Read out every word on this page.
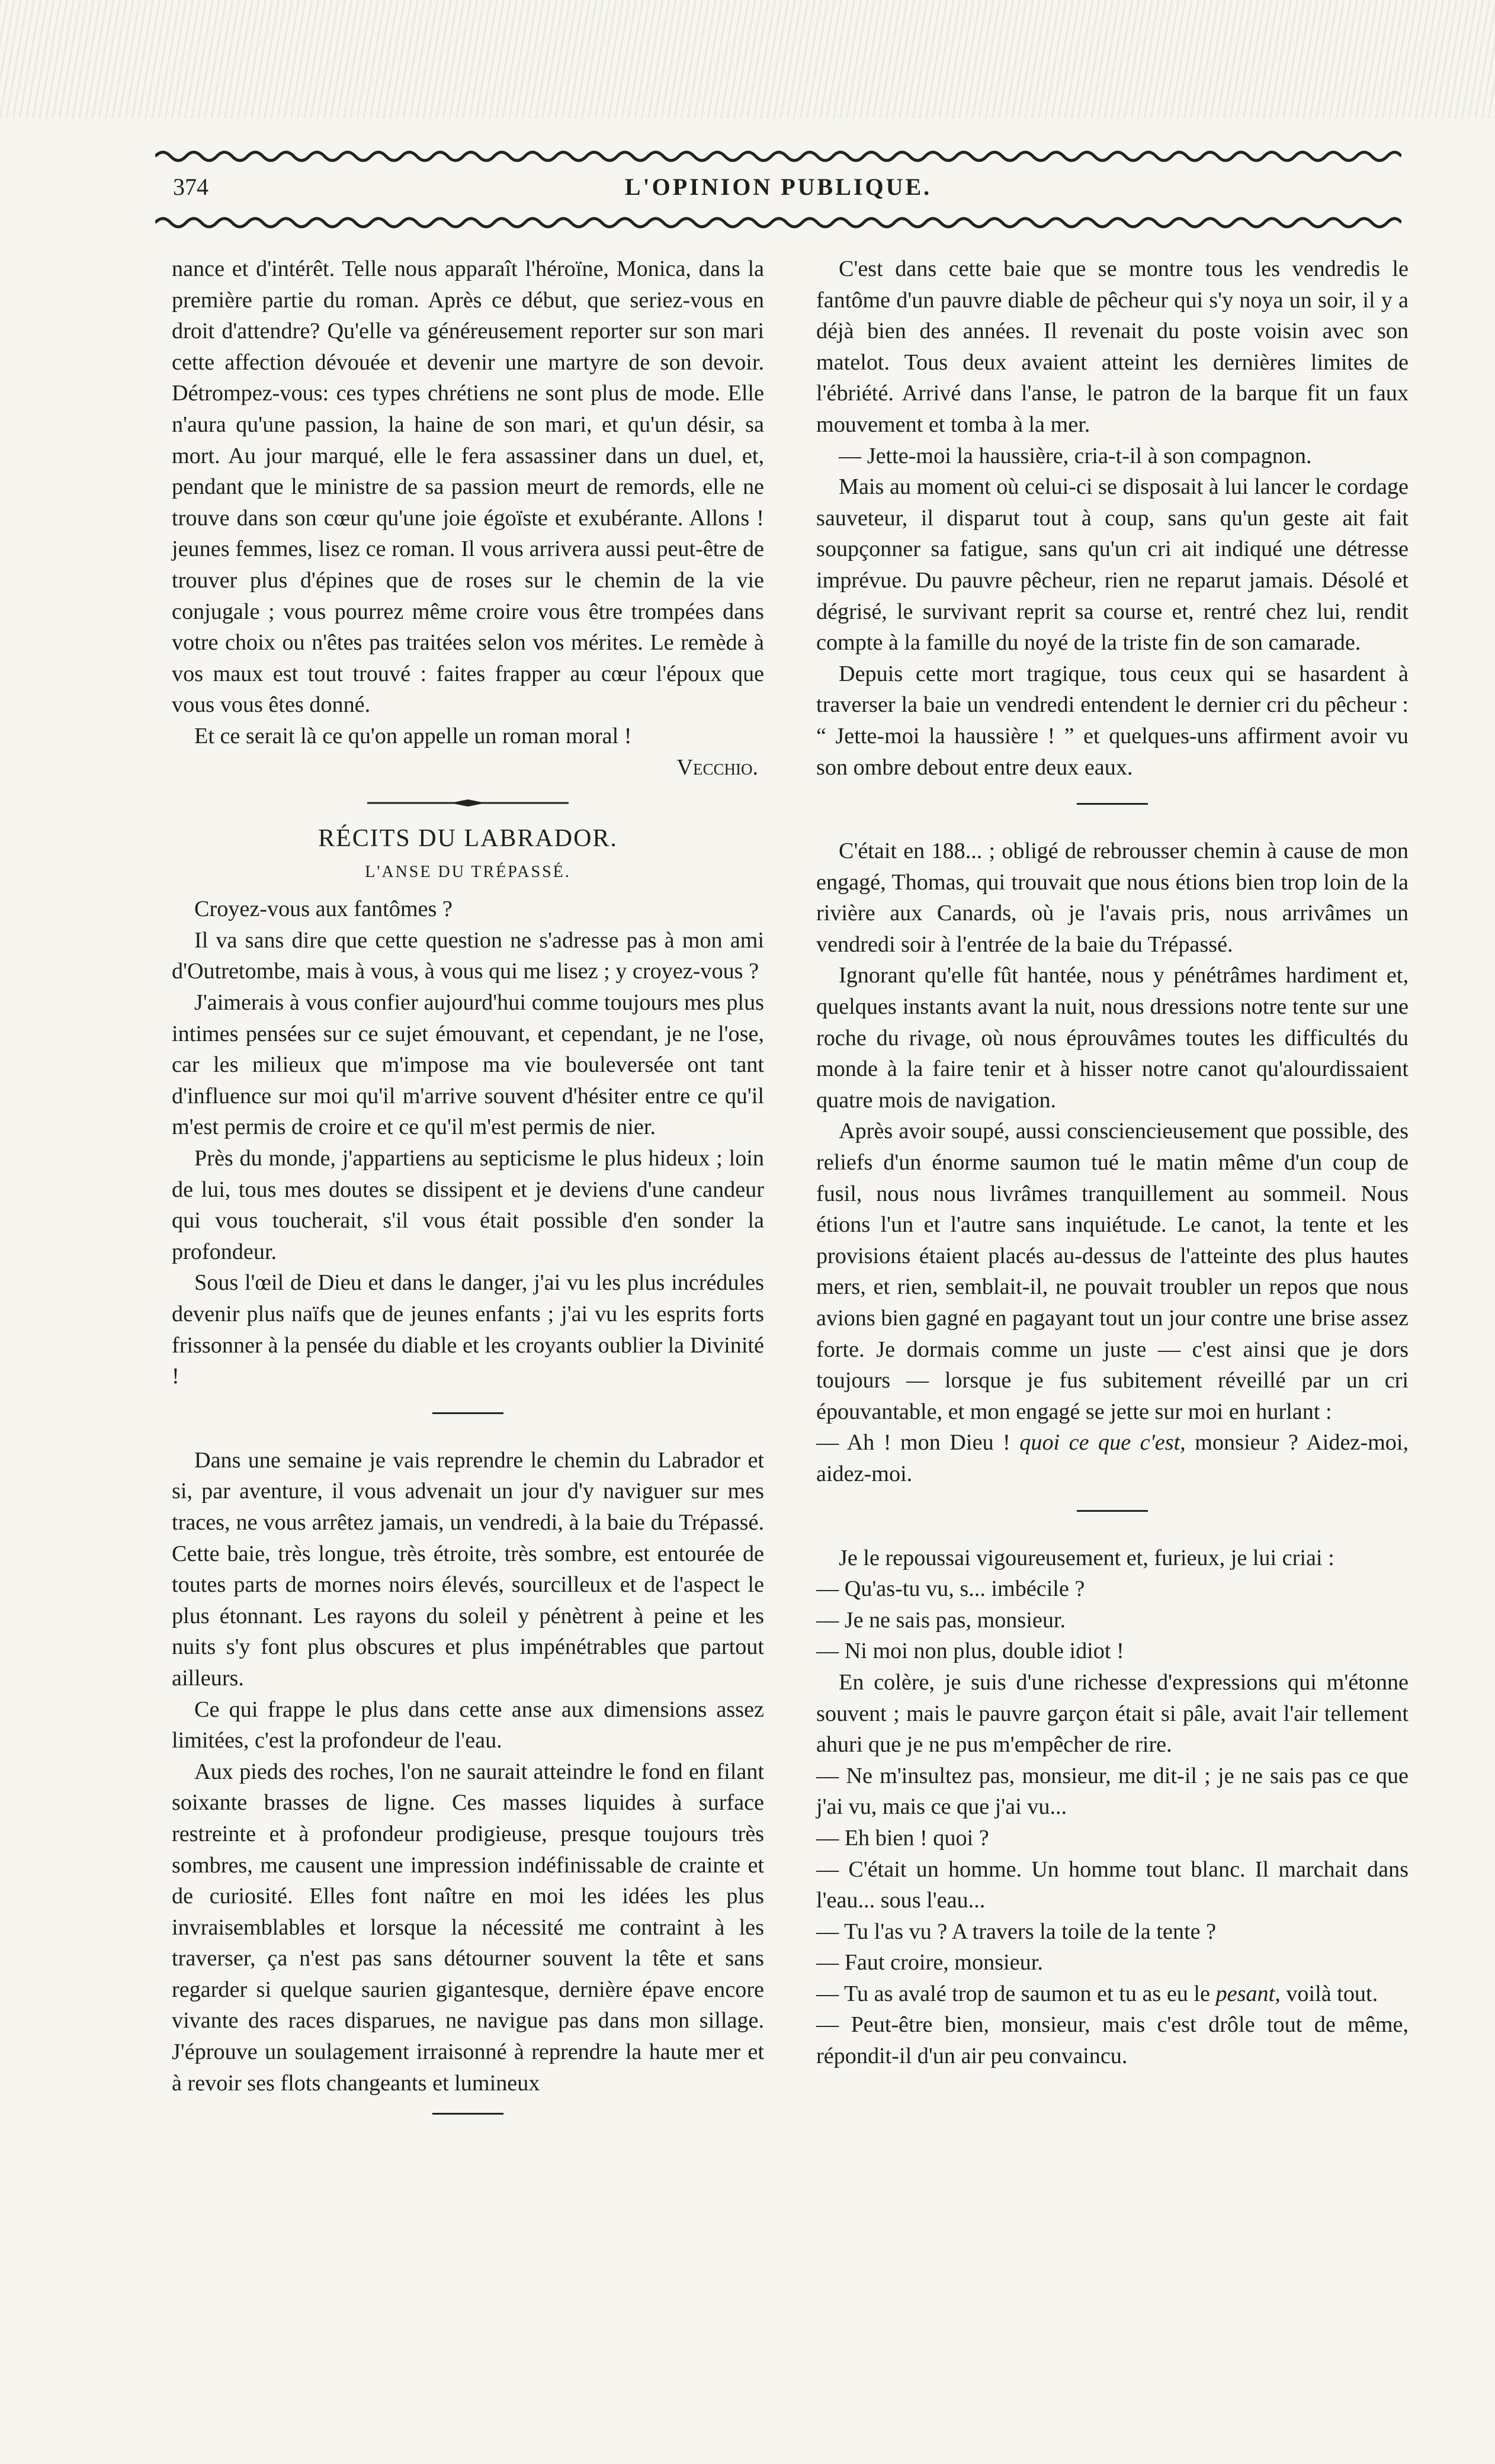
374	L'OPINION PUBLIQUE.

nance et d'intérêt. Telle nous apparaît l'héroïne, Monica, dans la première partie du roman. Après ce début, que seriez-vous en droit d'attendre? Qu'elle va généreusement reporter sur son mari cette affection dévouée et devenir une martyre de son devoir. Détrompez-vous: ces types chrétiens ne sont plus de mode. Elle n'aura qu'une passion, la haine de son mari, et qu'un désir, sa mort. Au jour marqué, elle le fera assassiner dans un duel, et, pendant que le ministre de sa passion meurt de remords, elle ne trouve dans son cœur qu'une joie égoïste et exubérante. Allons ! jeunes femmes, lisez ce roman. Il vous arrivera aussi peut-être de trouver plus d'épines que de roses sur le chemin de la vie conjugale ; vous pourrez même croire vous être trompées dans votre choix ou n'êtes pas traitées selon vos mérites. Le remède à vos maux est tout trouvé : faites frapper au cœur l'époux que vous vous êtes donné.

Et ce serait là ce qu'on appelle un roman moral !

Vecchio.

RÉCITS DU LABRADOR.

L'ANSE DU TRÉPASSÉ.

Croyez-vous aux fantômes ?

Il va sans dire que cette question ne s'adresse pas à mon ami d'Outretombe, mais à vous, à vous qui me lisez ; y croyez-vous ?

J'aimerais à vous confier aujourd'hui comme toujours mes plus intimes pensées sur ce sujet émouvant, et cependant, je ne l'ose, car les milieux que m'impose ma vie bouleversée ont tant d'influence sur moi qu'il m'arrive souvent d'hésiter entre ce qu'il m'est permis de croire et ce qu'il m'est permis de nier.

Près du monde, j'appartiens au septicisme le plus hideux ; loin de lui, tous mes doutes se dissipent et je deviens d'une candeur qui vous toucherait, s'il vous était possible d'en sonder la profondeur.

Sous l'œil de Dieu et dans le danger, j'ai vu les plus incrédules devenir plus naïfs que de jeunes enfants ; j'ai vu les esprits forts frissonner à la pensée du diable et les croyants oublier la Divinité !

Dans une semaine je vais reprendre le chemin du Labrador et si, par aventure, il vous advenait un jour d'y naviguer sur mes traces, ne vous arrêtez jamais, un vendredi, à la baie du Trépassé. Cette baie, très longue, très étroite, très sombre, est entourée de toutes parts de mornes noirs élevés, sourcilleux et de l'aspect le plus étonnant. Les rayons du soleil y pénètrent à peine et les nuits s'y font plus obscures et plus impénétrables que partout ailleurs.

Ce qui frappe le plus dans cette anse aux dimensions assez limitées, c'est la profondeur de l'eau.

Aux pieds des roches, l'on ne saurait atteindre le fond en filant soixante brasses de ligne. Ces masses liquides à surface restreinte et à profondeur prodigieuse, presque toujours très sombres, me causent une impression indéfinissable de crainte et de curiosité. Elles font naître en moi les idées les plus invraisemblables et lorsque la nécessité me contraint à les traverser, ça n'est pas sans détourner souvent la tête et sans regarder si quelque saurien gigantesque, dernière épave encore vivante des races disparues, ne navigue pas dans mon sillage. J'éprouve un soulagement irraisonné à reprendre la haute mer et à revoir ses flots changeants et lumineux

C'est dans cette baie que se montre tous les vendredis le fantôme d'un pauvre diable de pêcheur qui s'y noya un soir, il y a déjà bien des années. Il revenait du poste voisin avec son matelot. Tous deux avaient atteint les dernières limites de l'ébriété. Arrivé dans l'anse, le patron de la barque fit un faux mouvement et tomba à la mer.

— Jette-moi la haussière, cria-t-il à son compagnon.

Mais au moment où celui-ci se disposait à lui lancer le cordage sauveteur, il disparut tout à coup, sans qu'un geste ait fait soupçonner sa fatigue, sans qu'un cri ait indiqué une détresse imprévue. Du pauvre pêcheur, rien ne reparut jamais. Désolé et dégrisé, le survivant reprit sa course et, rentré chez lui, rendit compte à la famille du noyé de la triste fin de son camarade.

Depuis cette mort tragique, tous ceux qui se hasardent à traverser la baie un vendredi entendent le dernier cri du pêcheur : “ Jette-moi la haussière ! ” et quelques-uns affirment avoir vu son ombre debout entre deux eaux.

C'était en 188... ; obligé de rebrousser chemin à cause de mon engagé, Thomas, qui trouvait que nous étions bien trop loin de la rivière aux Canards, où je l'avais pris, nous arrivâmes un vendredi soir à l'entrée de la baie du Trépassé.

Ignorant qu'elle fût hantée, nous y pénétrâmes hardiment et, quelques instants avant la nuit, nous dressions notre tente sur une roche du rivage, où nous éprouvâmes toutes les difficultés du monde à la faire tenir et à hisser notre canot qu'alourdissaient quatre mois de navigation.

Après avoir soupé, aussi consciencieusement que possible, des reliefs d'un énorme saumon tué le matin même d'un coup de fusil, nous nous livrâmes tranquillement au sommeil. Nous étions l'un et l'autre sans inquiétude. Le canot, la tente et les provisions étaient placés au-dessus de l'atteinte des plus hautes mers, et rien, semblait-il, ne pouvait troubler un repos que nous avions bien gagné en pagayant tout un jour contre une brise assez forte. Je dormais comme un juste — c'est ainsi que je dors toujours — lorsque je fus subitement réveillé par un cri épouvantable, et mon engagé se jette sur moi en hurlant :

— Ah ! mon Dieu ! quoi ce que c'est, monsieur ? Aidez-moi, aidez-moi.

Je le repoussai vigoureusement et, furieux, je lui criai :

— Qu'as-tu vu, s... imbécile ?

— Je ne sais pas, monsieur.

— Ni moi non plus, double idiot !

En colère, je suis d'une richesse d'expressions qui m'étonne souvent ; mais le pauvre garçon était si pâle, avait l'air tellement ahuri que je ne pus m'empêcher de rire.

— Ne m'insultez pas, monsieur, me dit-il ; je ne sais pas ce que j'ai vu, mais ce que j'ai vu...

— Eh bien ! quoi ?

— C'était un homme. Un homme tout blanc. Il marchait dans l'eau... sous l'eau...

— Tu l'as vu ? A travers la toile de la tente ?

— Faut croire, monsieur.

— Tu as avalé trop de saumon et tu as eu le pesant, voilà tout.

— Peut-être bien, monsieur, mais c'est drôle tout de même, répondit-il d'un air peu convaincu.
